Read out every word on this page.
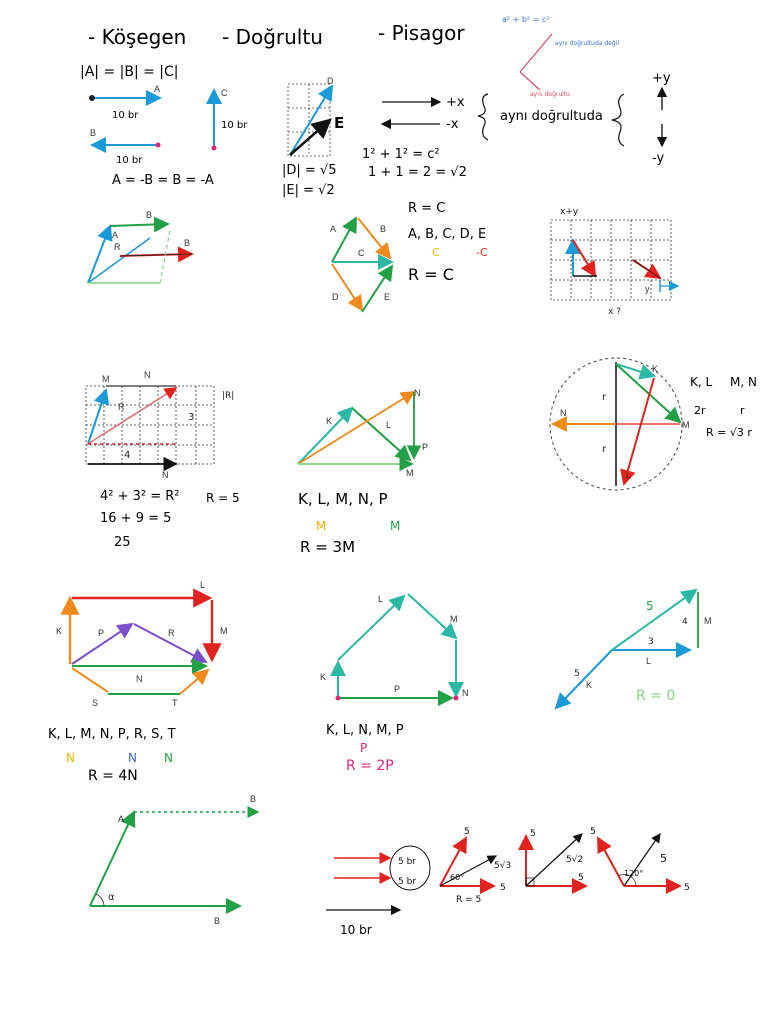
- Köşegen - Doğrultu	- Pisagor
a² + b² = c²
aynı doğrultuda değil
aynı doğrultu
|A| = |B| = |C|
A
10 br
B
10 br
C
10 br
A = -B = B = -A
D
E
|D| = √5
|E| = √2
1² + 1² = c²
1 + 1 = 2 = √2
+x
-x
aynı doğrultuda
+y
-y
B
A
R	B
A	B
C
D	E
R = C
A, B, C, D, E
C	-C
R = C
x+y
y
x ?
M	N
R
N
|R|
3
4
4² + 3² = R²
16 + 9 = 5
25
R = 5
K	L
N
P
M
K, L, M, N, P
M	M
R = 3M
N
K
M
L
r
r
K, L M, N
2r	r
R = √3 r
K
L
M
P	R
N
S	T
K, L, M, N, P, R, S, T
N	N N
R = 4N
K
L
M
N
P
K, L, N, M, P
P
R = 2P
5
4 M
3
L
5
K
R = 0
A
B
B
α
5 br
5 br
10 br
5
5
60°
5√3
R = 5
5
5
5√2
5
5
5
120°
